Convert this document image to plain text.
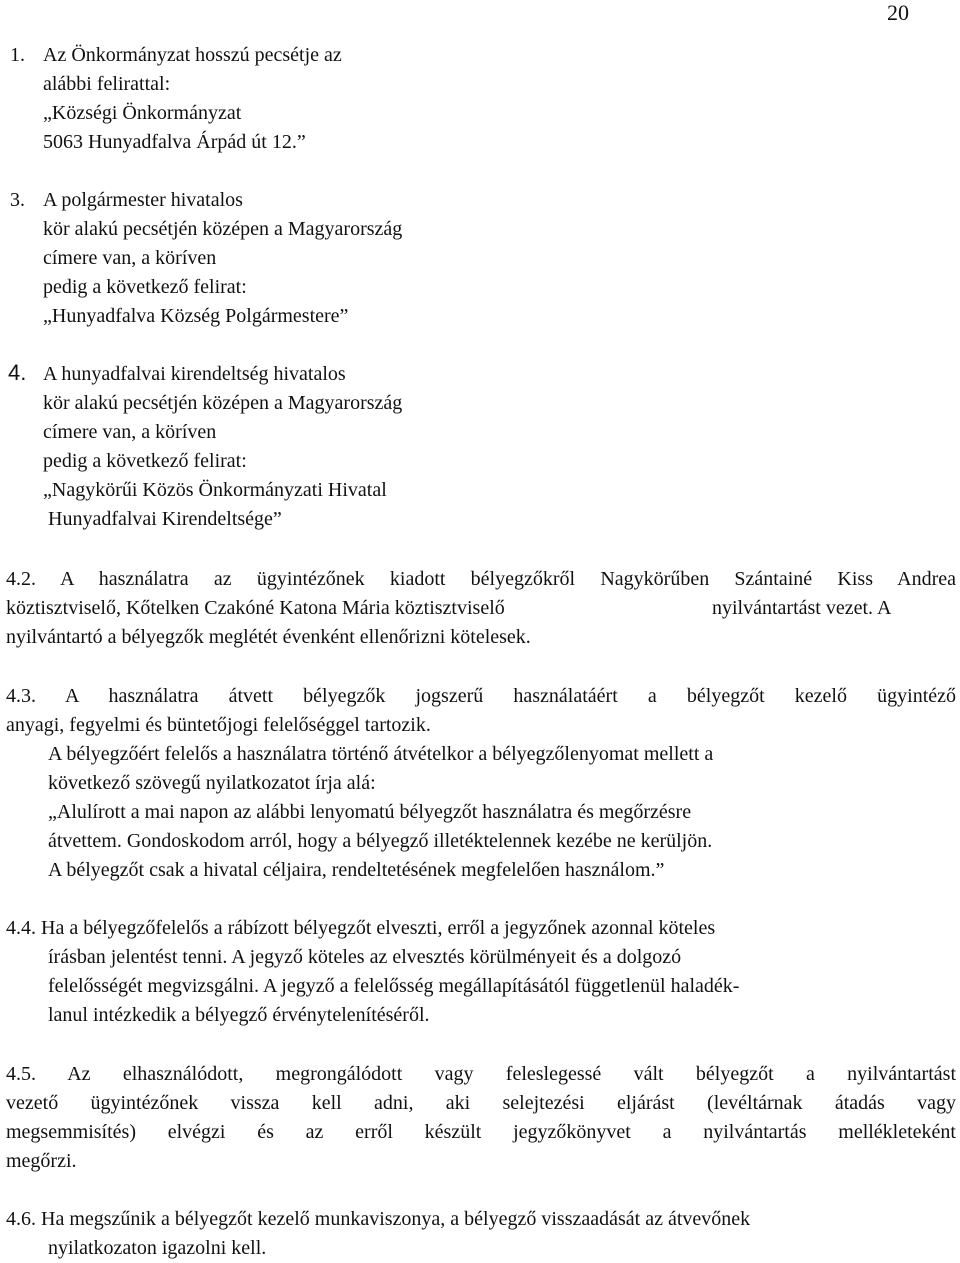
20
1. Az Önkormányzat hosszú pecsétje az
alábbi felirattal:
„Községi Önkormányzat
5063 Hunyadfalva Árpád út 12.”
3. A polgármester hivatalos
kör alakú pecsétjén középen a Magyarország
címere van, a köríven
pedig a következő felirat:
„Hunyadfalva Község Polgármestere”
4. A hunyadfalvai kirendeltség hivatalos
kör alakú pecsétjén középen a Magyarország
címere van, a köríven
pedig a következő felirat:
„Nagykörűi Közös Önkormányzati Hivatal
Hunyadfalvai Kirendeltsége”
4.2. A használatra az ügyintézőnek kiadott bélyegzőkről Nagykörűben Szántainé Kiss Andrea
köztisztviselő, Kőtelken Czakóné Katona Mária köztisztviselő	nyilvántartást vezet. A
nyilvántartó a bélyegzők meglétét évenként ellenőrizni kötelesek.
4.3. A használatra átvett bélyegzők jogszerű használatáért a bélyegzőt kezelő ügyintéző
anyagi, fegyelmi és büntetőjogi felelőséggel tartozik.
A bélyegzőért felelős a használatra történő átvételkor a bélyegzőlenyomat mellett a
következő szövegű nyilatkozatot írja alá:
„Alulírott a mai napon az alábbi lenyomatú bélyegzőt használatra és megőrzésre
átvettem. Gondoskodom arról, hogy a bélyegző illetéktelennek kezébe ne kerüljön.
A bélyegzőt csak a hivatal céljaira, rendeltetésének megfelelően használom.”
4.4. Ha a bélyegzőfelelős a rábízott bélyegzőt elveszti, erről a jegyzőnek azonnal köteles
írásban jelentést tenni. A jegyző köteles az elvesztés körülményeit és a dolgozó
felelősségét megvizsgálni. A jegyző a felelősség megállapításától függetlenül haladék-
lanul intézkedik a bélyegző érvénytelenítéséről.
4.5. Az elhasználódott, megrongálódott vagy feleslegessé vált bélyegzőt a nyilvántartást
vezető ügyintézőnek vissza kell adni, aki selejtezési eljárást (levéltárnak átadás vagy
megsemmisítés) elvégzi és az erről készült jegyzőkönyvet a nyilvántartás mellékleteként
megőrzi.
4.6. Ha megszűnik a bélyegzőt kezelő munkaviszonya, a bélyegző visszaadását az átvevőnek
nyilatkozaton igazolni kell.
